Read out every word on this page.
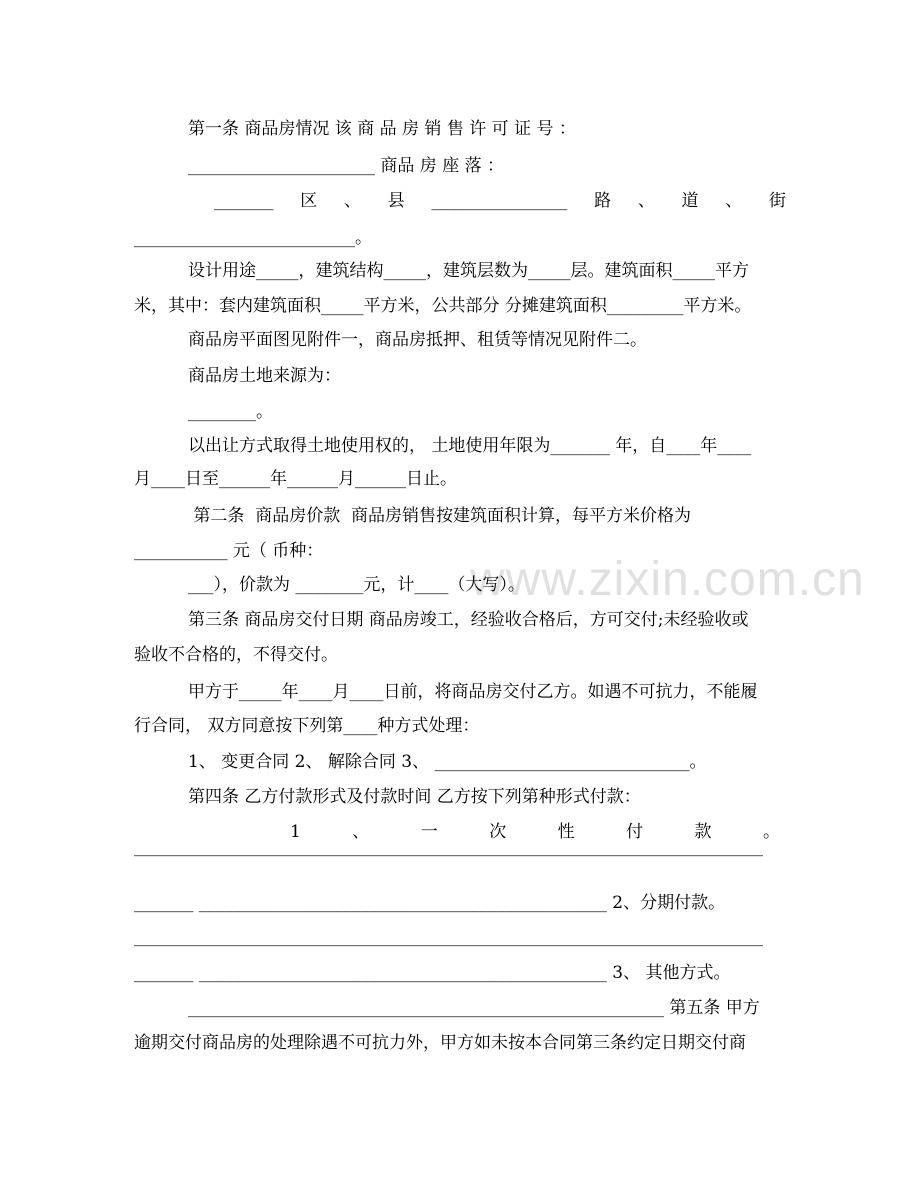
www.zixin.com.cn
第一条 商品房情况 该 商 品 房 销 售 许 可 证 号 ：
______________________ 商品 房 座 落 ：
_______ 区 、 县 ________________ 路 、 道 、 街
__________________________。
设计用途_____，建筑结构_____，建筑层数为_____层。建筑面积_____平方
米，其中：套内建筑面积_____平方米，公共部分 分摊建筑面积_________平方米。
商品房平面图见附件一，商品房抵押、租赁等情况见附件二。
商品房土地来源为：
________。
以出让方式取得土地使用权的， 土地使用年限为_______ 年，自____年____
月____日至______年______月______日止。
第二条  商品房价款  商品房销售按建筑面积计算，每平方米价格为
___________ 元（ 币种：
___），价款为 ________元，计____（大写）。
第三条 商品房交付日期 商品房竣工，经验收合格后，方可交付;未经验收或
验收不合格的，不得交付。
甲方于_____年____月____日前，将商品房交付乙方。如遇不可抗力，不能履
行合同， 双方同意按下列第____种方式处理：
1、 变更合同 2、 解除合同 3、 ______________________________。
第四条 乙方付款形式及付款时间 乙方按下列第种形式付款：
1	、	一	次	性	付	款	。
__________________________________________________________________________
_______ ________________________________________________ 2、分期付款。
__________________________________________________________________________
_______ ________________________________________________ 3、 其他方式。
________________________________________________________ 第五条 甲方
逾期交付商品房的处理除遇不可抗力外，甲方如未按本合同第三条约定日期交付商
